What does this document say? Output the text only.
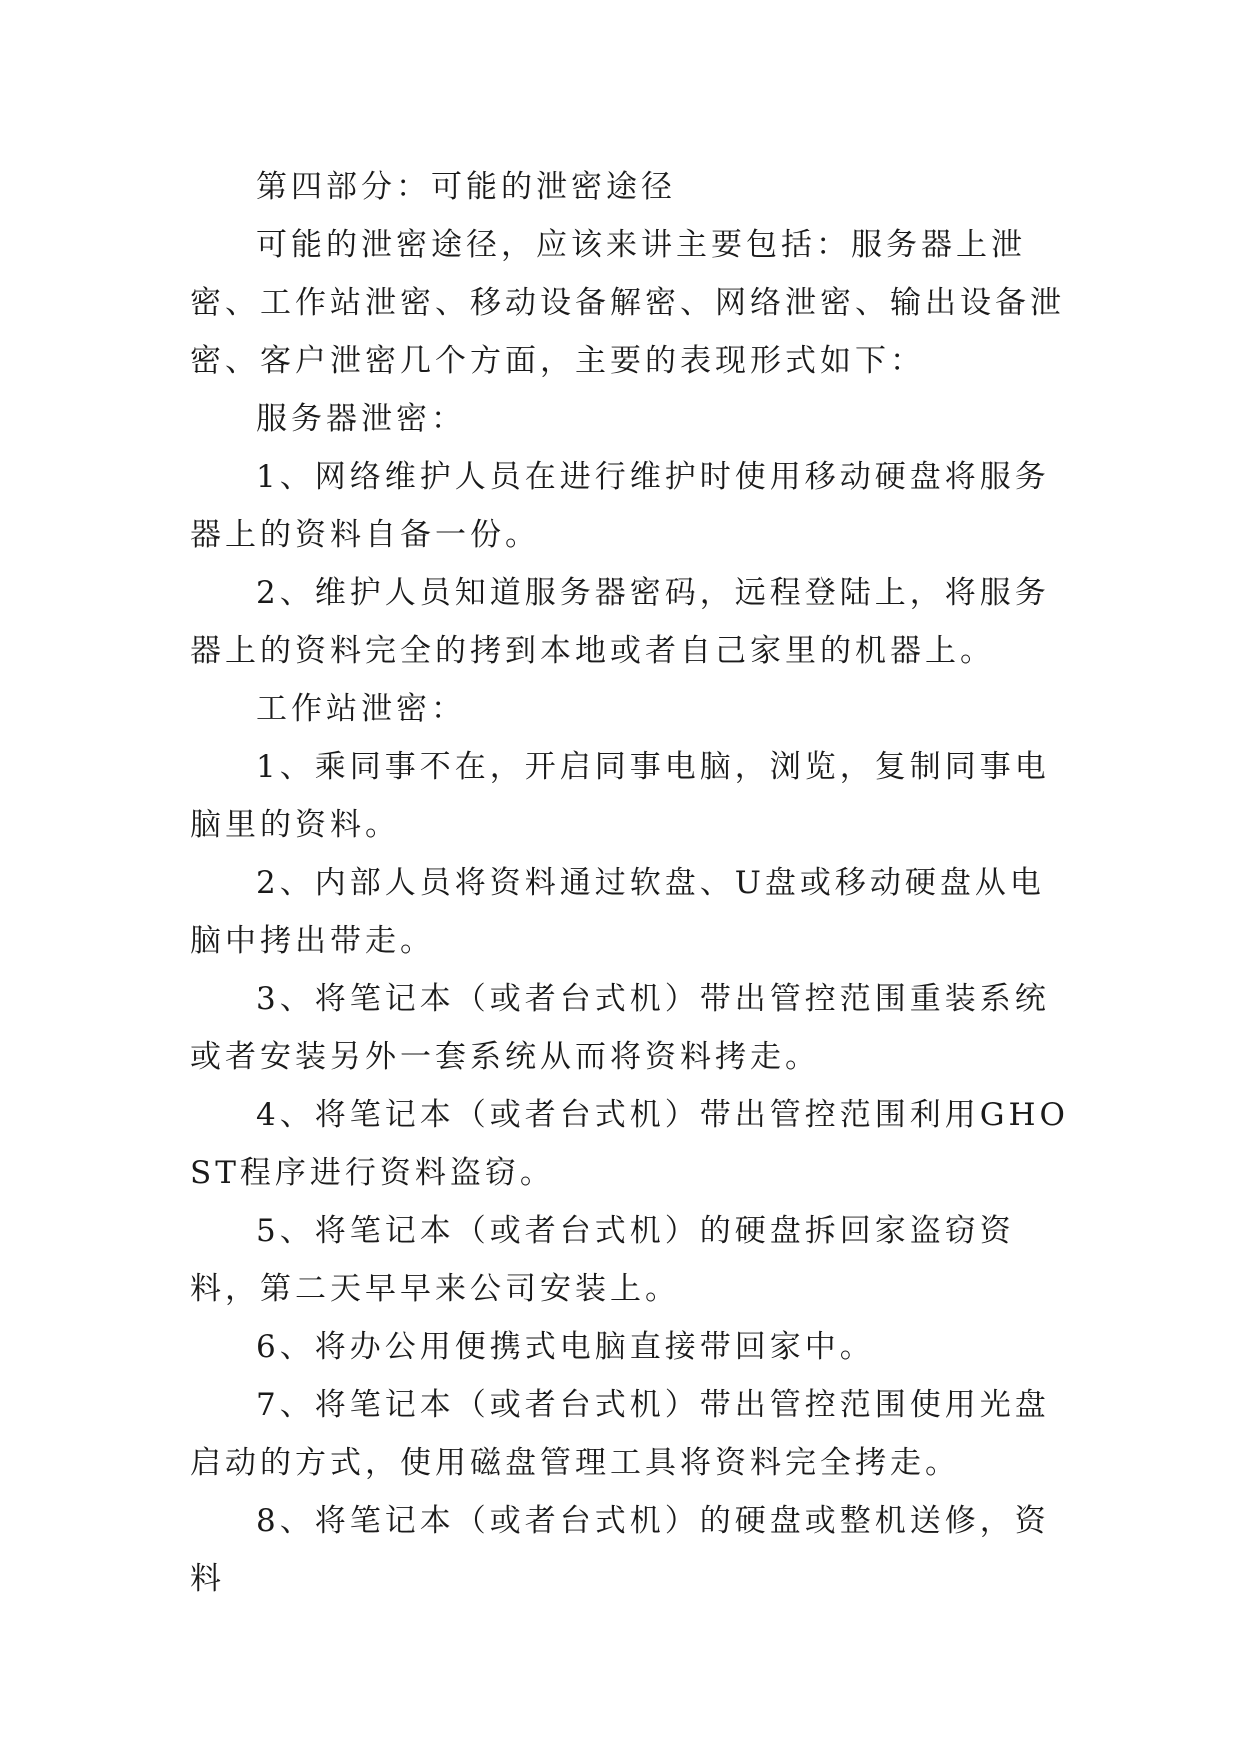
第四部分：可能的泄密途径

可能的泄密途径，应该来讲主要包括：服务器上泄密、工作站泄密、移动设备解密、网络泄密、输出设备泄密、客户泄密几个方面，主要的表现形式如下：

服务器泄密：

1、网络维护人员在进行维护时使用移动硬盘将服务器上的资料自备一份。

2、维护人员知道服务器密码，远程登陆上，将服务器上的资料完全的拷到本地或者自己家里的机器上。

工作站泄密：

1、乘同事不在，开启同事电脑，浏览，复制同事电脑里的资料。

2、内部人员将资料通过软盘、U盘或移动硬盘从电脑中拷出带走。

3、将笔记本（或者台式机）带出管控范围重装系统或者安装另外一套系统从而将资料拷走。

4、将笔记本（或者台式机）带出管控范围利用GHOST程序进行资料盗窃。

5、将笔记本（或者台式机）的硬盘拆回家盗窃资料，第二天早早来公司安装上。

6、将办公用便携式电脑直接带回家中。

7、将笔记本（或者台式机）带出管控范围使用光盘启动的方式，使用磁盘管理工具将资料完全拷走。

8、将笔记本（或者台式机）的硬盘或整机送修，资料
